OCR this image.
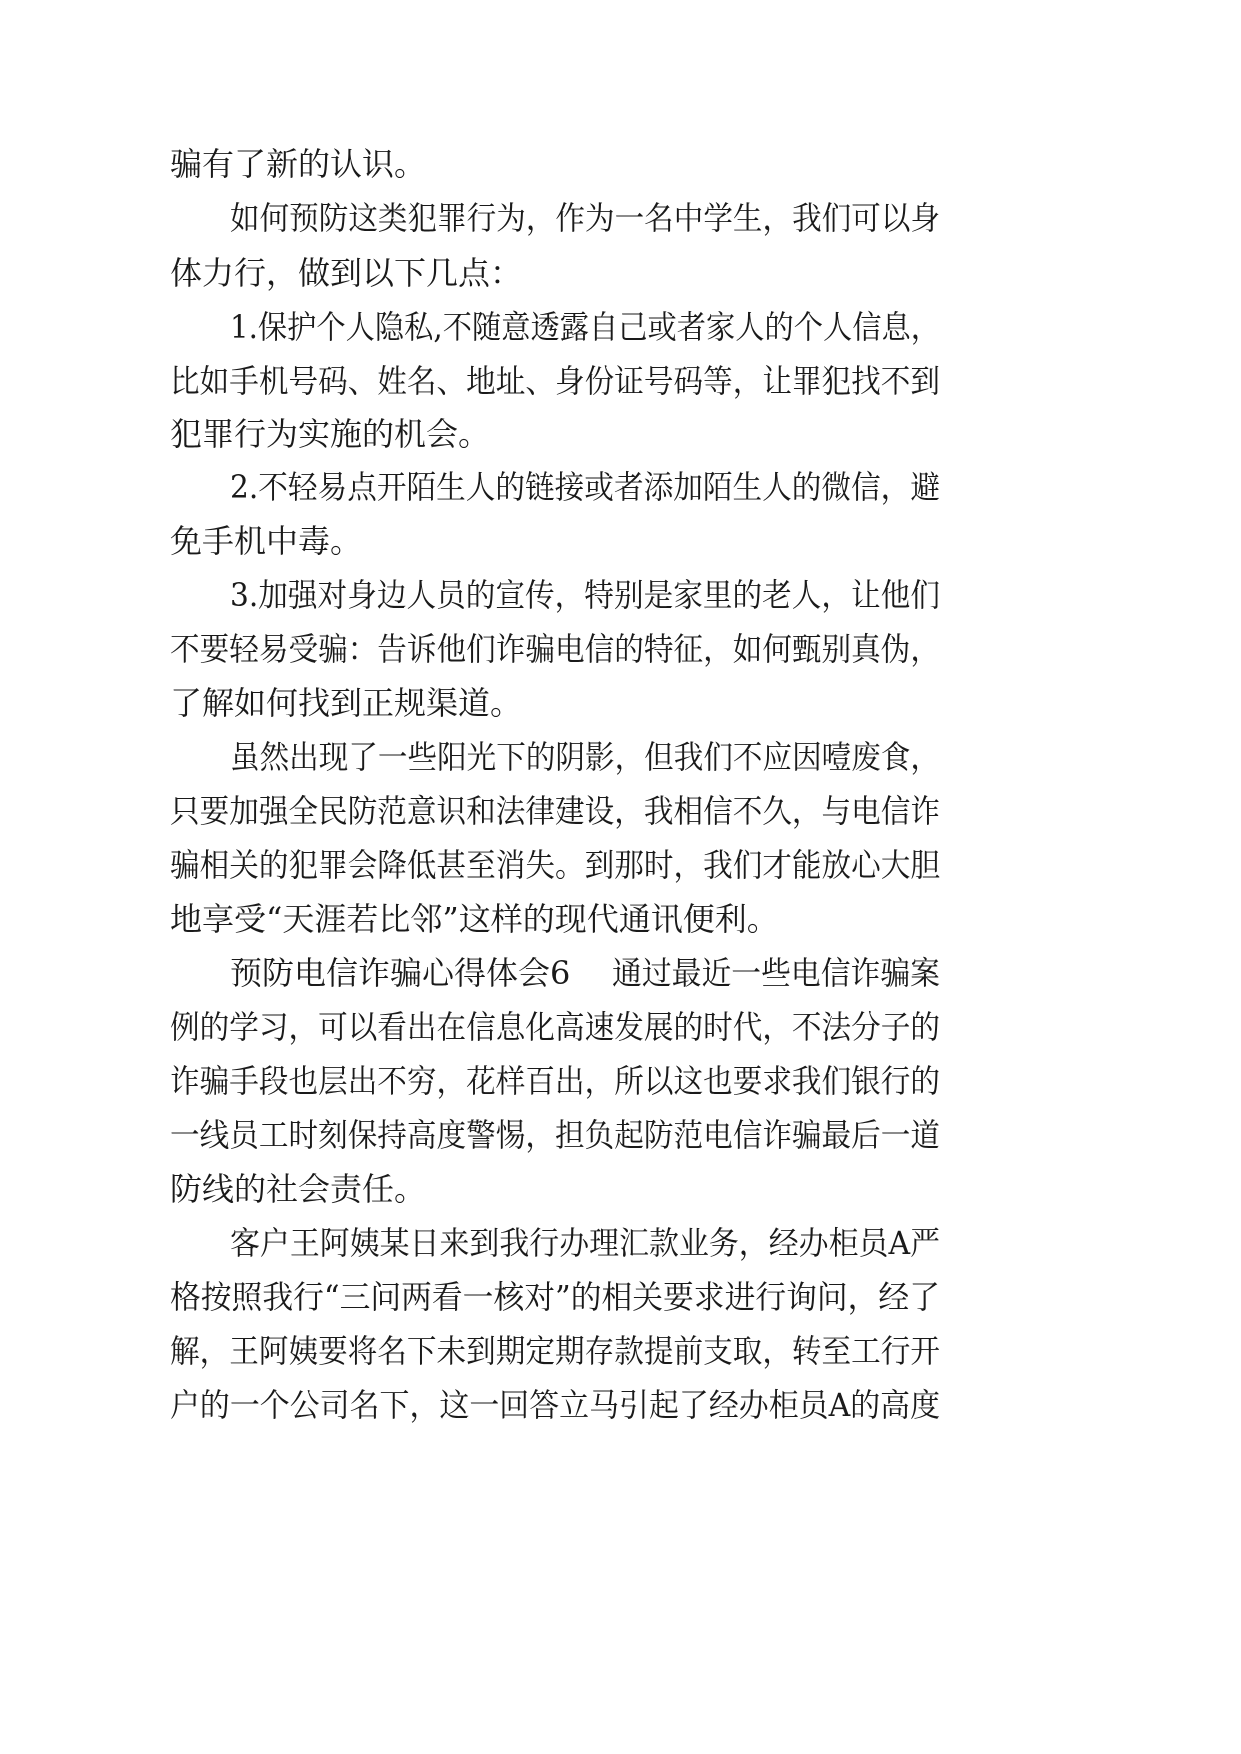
骗有了新的认识。
如何预防这类犯罪行为，作为一名中学生，我们可以身
体力行，做到以下几点：
1.保护个人隐私,不随意透露自己或者家人的个人信息，
比如手机号码、姓名、地址、身份证号码等，让罪犯找不到
犯罪行为实施的机会。
2.不轻易点开陌生人的链接或者添加陌生人的微信，避
免手机中毒。
3.加强对身边人员的宣传，特别是家里的老人，让他们
不要轻易受骗：告诉他们诈骗电信的特征，如何甄别真伪，
了解如何找到正规渠道。
虽然出现了一些阳光下的阴影，但我们不应因噎废食，
只要加强全民防范意识和法律建设，我相信不久，与电信诈
骗相关的犯罪会降低甚至消失。到那时，我们才能放心大胆
地享受“天涯若比邻”这样的现代通讯便利。
预防电信诈骗心得体会6 通过最近一些电信诈骗案
例的学习，可以看出在信息化高速发展的时代，不法分子的
诈骗手段也层出不穷，花样百出，所以这也要求我们银行的
一线员工时刻保持高度警惕，担负起防范电信诈骗最后一道
防线的社会责任。
客户王阿姨某日来到我行办理汇款业务，经办柜员A严
格按照我行“三问两看一核对”的相关要求进行询问，经了
解，王阿姨要将名下未到期定期存款提前支取，转至工行开
户的一个公司名下，这一回答立马引起了经办柜员A的高度
